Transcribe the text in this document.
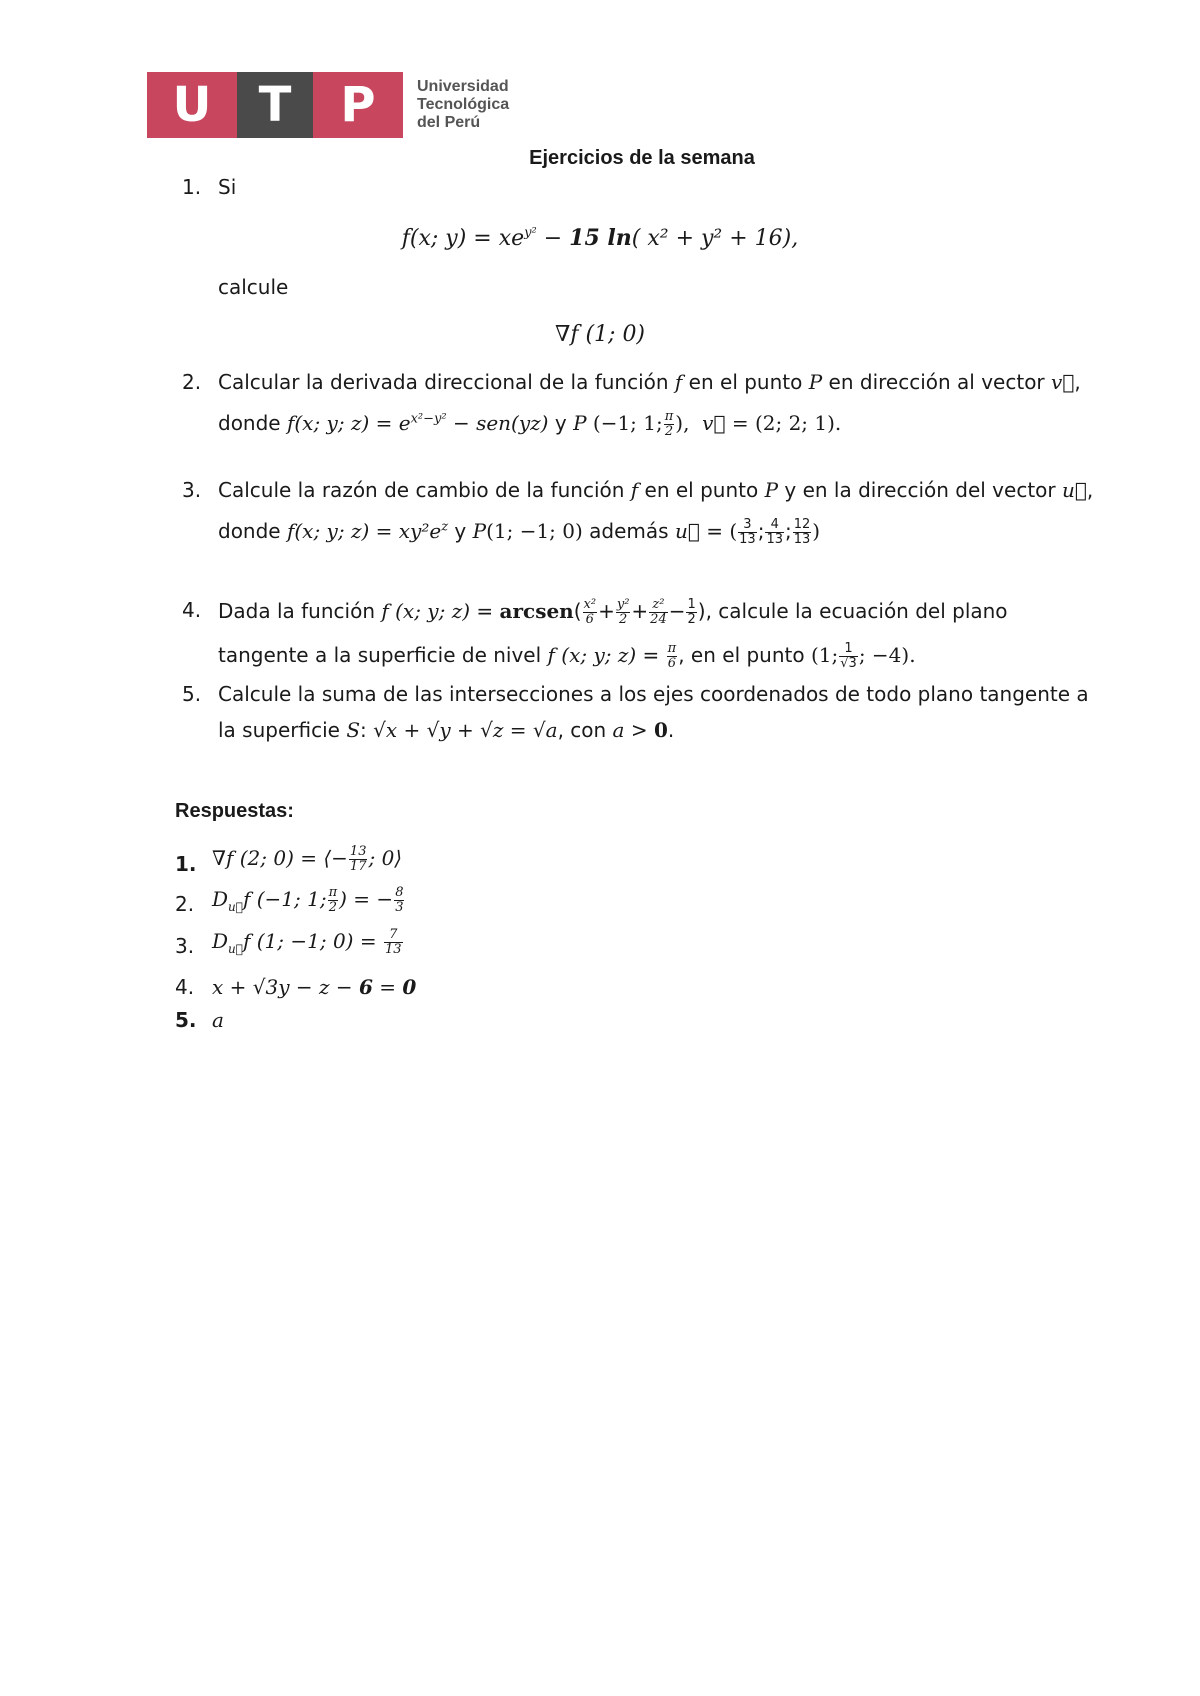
U T	P	Universidad
Tecnológica
del Perú
Ejercicios de la semana
1. Si
f(x; $y) = xe^{y^2} - 15$ ln( x² + y² + 16),
calcule
∇f (1; 0)
2. Calcular la derivada direccional de la función f en el punto P en dirección al vector v⃗,
donde f(x; y; $z) = e^{x^2-y^2} - sen(yz)$ y P (−1; 1; $\frac{\pi}{2}$ ), v⃗ = (2; 2; 1).
3. Calcule la razón de cambio de la función f en el punto P y en la dirección del vector u⃗,
donde f(x; y; $z) = xy^2e^z$ y P(1; −1; 0) además u⃗ = ( $\frac{3}{13}$ ; $\frac{4}{13}$ ; $\frac{12}{13}$ )
4. Dada la función f (x; y; z) = arcsen( $\frac{\text{x²}}{6} + \frac{\text{y²}}{2} + \frac{\text{z²}}{24} - \frac{1}{2}$ ), calcule la ecuación del plano
tangente a la superficie de nivel f (x; y; $z) = \frac{\pi}{6}$ , en el punto (1; $\frac{1}{√3}$ ; −4).
5. Calcule la suma de las intersecciones a los ejes coordenados de todo plano tangente a
la superficie S: √x + √y + √z = √a, con a > 0.
Respuestas:
1. ∇f (2; 0) = ⟨− $\frac{13}{17}$ ; 0⟩
2. $D_{u⃗}f$ (−1; 1; $\frac{\pi}{2}$ ) = − $\frac{8}{3}$
3. $D_{u⃗}f$ (1; −1; $0) = \frac{7}{13}$
4. x + √3y − z − 6 = 0
5. a
